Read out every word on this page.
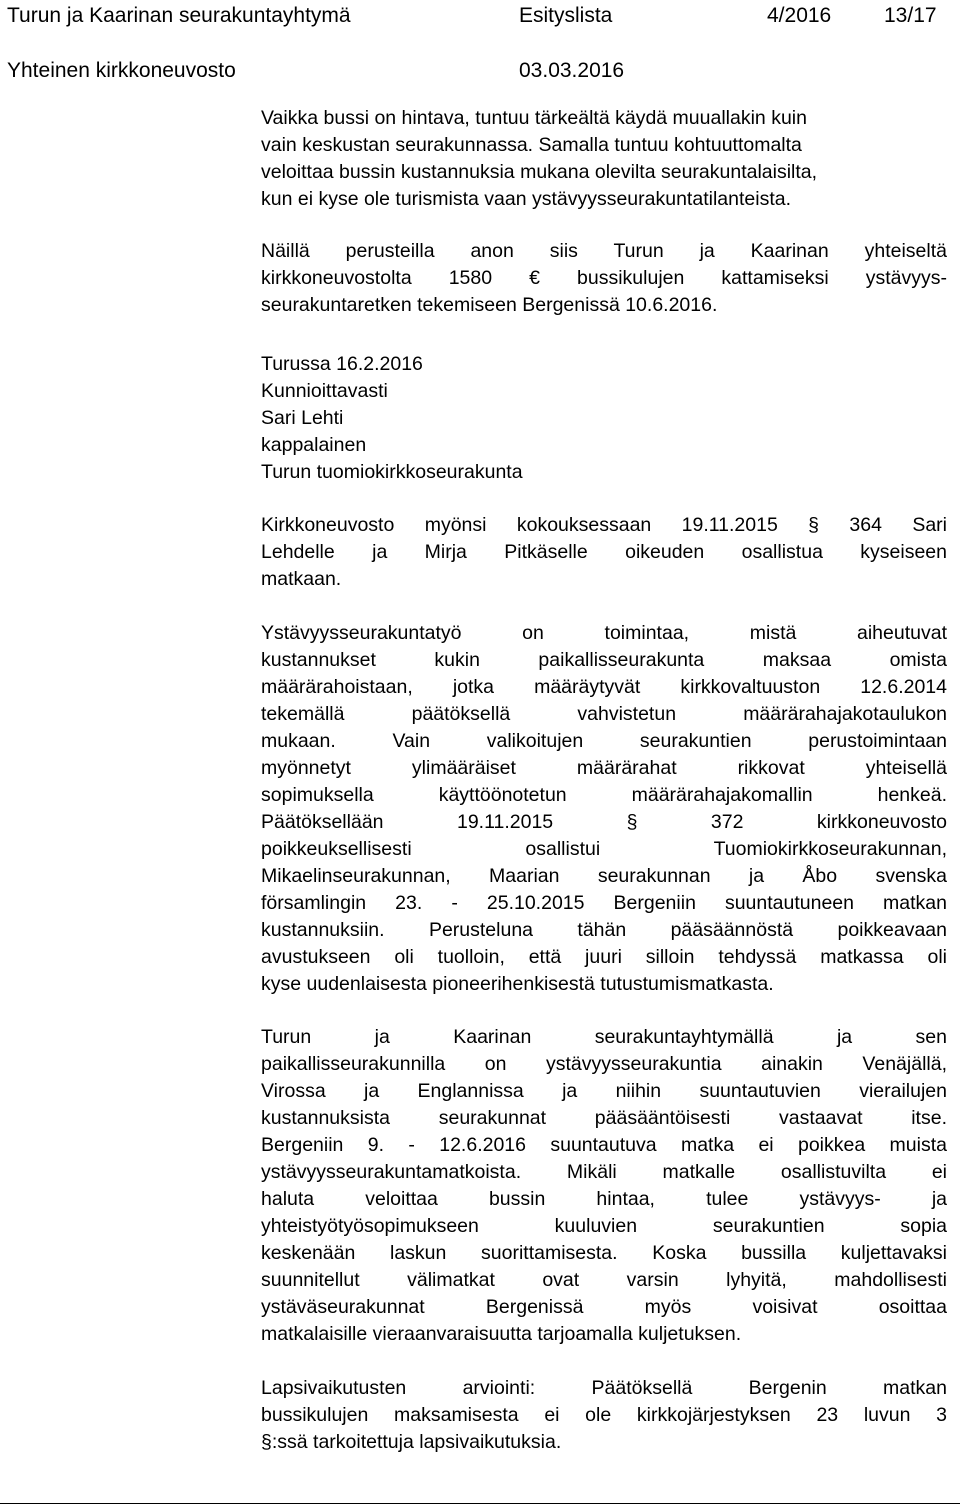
Turun ja Kaarinan seurakuntayhtymä	Esityslista	4/2016	13/17
Yhteinen kirkkoneuvosto	03.03.2016
Vaikka bussi on hintava, tuntuu tärkeältä käydä muuallakin kuin
vain keskustan seurakunnassa. Samalla tuntuu kohtuuttomalta
veloittaa bussin kustannuksia mukana olevilta seurakuntalaisilta,
kun ei kyse ole turismista vaan ystävyysseurakuntatilanteista.
Näillä perusteilla anon siis Turun ja Kaarinan yhteiseltä
kirkkoneuvostolta 1580 € bussikulujen kattamiseksi ystävyys-
seurakuntaretken tekemiseen Bergenissä 10.6.2016.
Turussa 16.2.2016
Kunnioittavasti
Sari Lehti
kappalainen
Turun tuomiokirkkoseurakunta
Kirkkoneuvosto myönsi kokouksessaan 19.11.2015 § 364 Sari
Lehdelle ja Mirja Pitkäselle oikeuden osallistua kyseiseen
matkaan.
Ystävyysseurakuntatyö on toimintaa, mistä aiheutuvat
kustannukset kukin paikallisseurakunta maksaa omista
määrärahoistaan, jotka määräytyvät kirkkovaltuuston 12.6.2014
tekemällä päätöksellä vahvistetun määrärahajakotaulukon
mukaan. Vain valikoitujen seurakuntien perustoimintaan
myönnetyt ylimääräiset määrärahat rikkovat yhteisellä
sopimuksella käyttöönotetun määrärahajakomallin henkeä.
Päätöksellään 19.11.2015 § 372 kirkkoneuvosto
poikkeuksellisesti osallistui Tuomiokirkkoseurakunnan,
Mikaelinseurakunnan, Maarian seurakunnan ja Åbo svenska
församlingin 23. - 25.10.2015 Bergeniin suuntautuneen matkan
kustannuksiin. Perusteluna tähän pääsäännöstä poikkeavaan
avustukseen oli tuolloin, että juuri silloin tehdyssä matkassa oli
kyse uudenlaisesta pioneerihenkisestä tutustumismatkasta.
Turun ja Kaarinan seurakuntayhtymällä ja sen
paikallisseurakunnilla on ystävyysseurakuntia ainakin Venäjällä,
Virossa ja Englannissa ja niihin suuntautuvien vierailujen
kustannuksista seurakunnat pääsääntöisesti vastaavat itse.
Bergeniin 9. - 12.6.2016 suuntautuva matka ei poikkea muista
ystävyysseurakuntamatkoista. Mikäli matkalle osallistuvilta ei
haluta veloittaa bussin hintaa, tulee ystävyys- ja
yhteistyötyösopimukseen kuuluvien seurakuntien sopia
keskenään laskun suorittamisesta. Koska bussilla kuljettavaksi
suunnitellut välimatkat ovat varsin lyhyitä, mahdollisesti
ystäväseurakunnat Bergenissä myös voisivat osoittaa
matkalaisille vieraanvaraisuutta tarjoamalla kuljetuksen.
Lapsivaikutusten arviointi: Päätöksellä Bergenin matkan
bussikulujen maksamisesta ei ole kirkkojärjestyksen 23 luvun 3
§:ssä tarkoitettuja lapsivaikutuksia.
